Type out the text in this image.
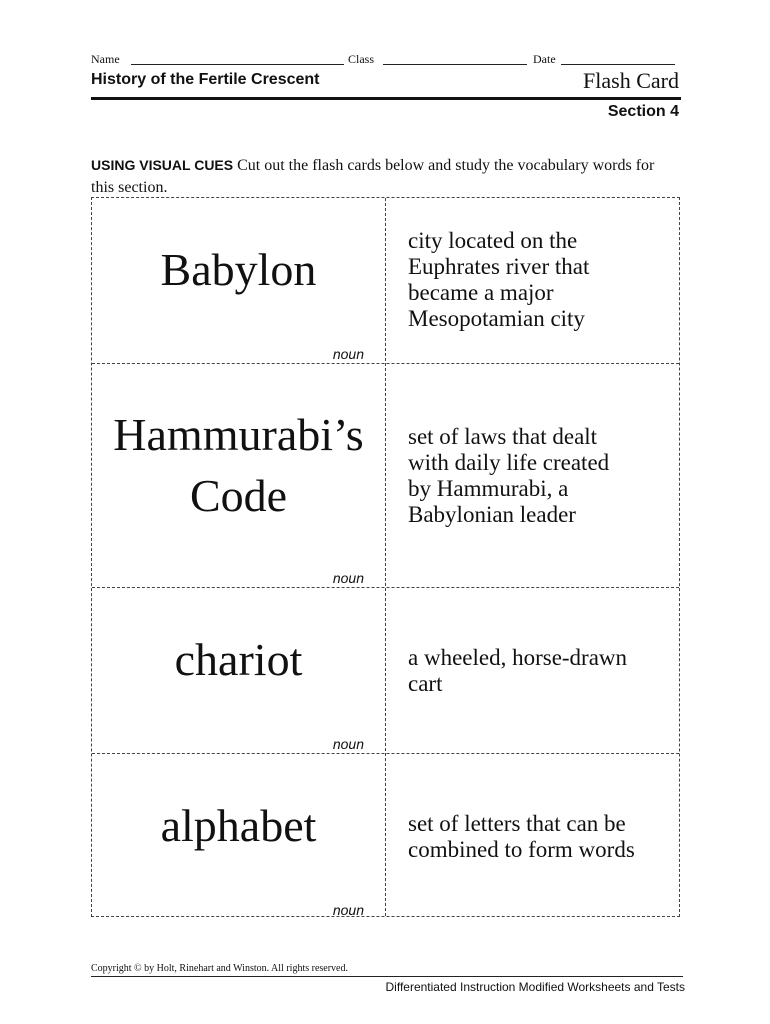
Name	Class	Date
History of the Fertile Crescent	Flash Card
Section 4
USING VISUAL CUES Cut out the flash cards below and study the vocabulary words for this section.
Babylon
noun
city located on the
Euphrates river that
became a major
Mesopotamian city
Hammurabi’s
Code
noun
set of laws that dealt
with daily life created
by Hammurabi, a
Babylonian leader
chariot
noun
a wheeled, horse-drawn
cart
alphabet
noun
set of letters that can be
combined to form words
Copyright © by Holt, Rinehart and Winston. All rights reserved.
Differentiated Instruction Modified Worksheets and Tests
